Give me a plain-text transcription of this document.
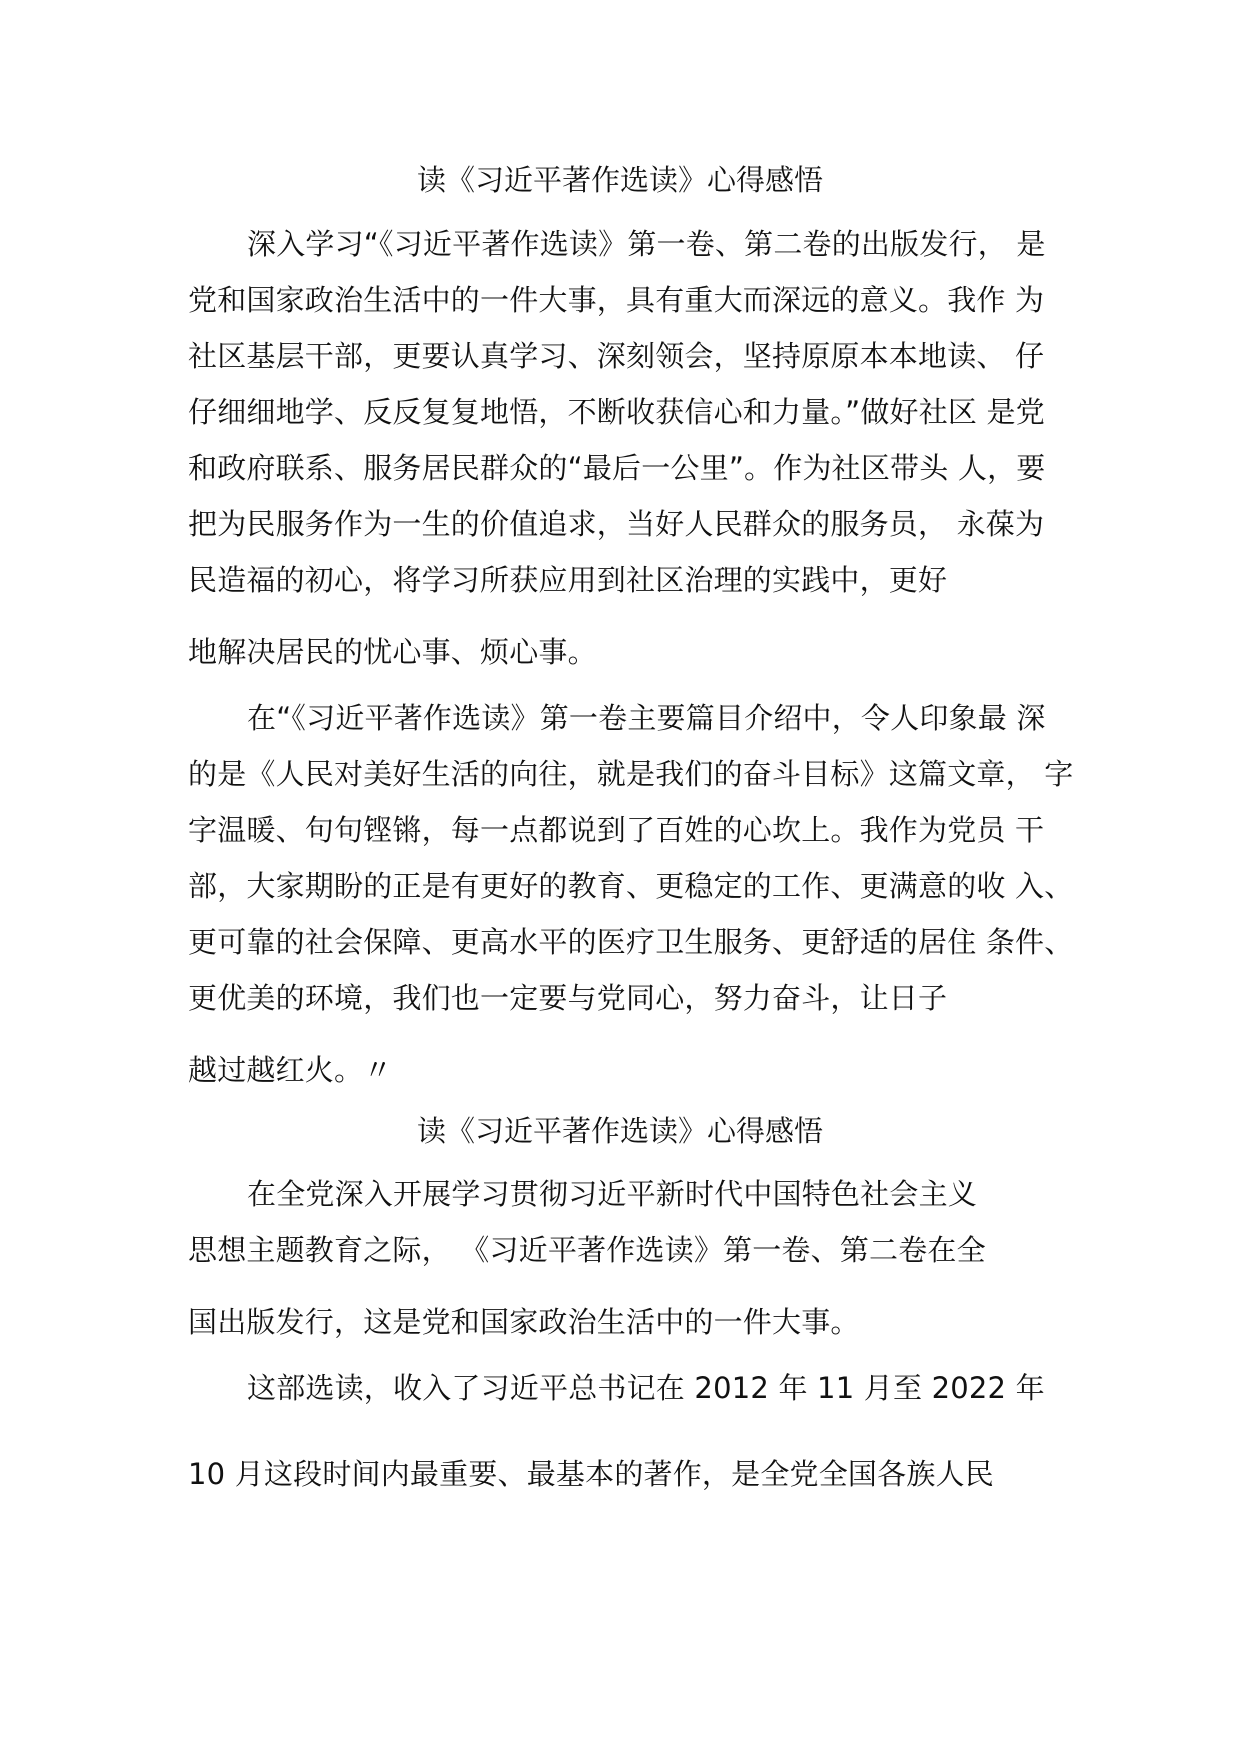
读《习近平著作选读》心得感悟
深入学习“《习近平著作选读》第一卷、第二卷的出版发行， 是
党和国家政治生活中的一件大事，具有重大而深远的意义。我作 为
社区基层干部，更要认真学习、深刻领会，坚持原原本本地读、 仔
仔细细地学、反反复复地悟，不断收获信心和力量。”做好社区 是党
和政府联系、服务居民群众的“最后一公里”。作为社区带头 人，要
把为民服务作为一生的价值追求，当好人民群众的服务员， 永葆为
民造福的初心，将学习所获应用到社区治理的实践中，更好
地解决居民的忧心事、烦心事。
在“《习近平著作选读》第一卷主要篇目介绍中，令人印象最 深
的是《人民对美好生活的向往，就是我们的奋斗目标》这篇文章， 字
字温暖、句句铿锵，每一点都说到了百姓的心坎上。我作为党员 干
部，大家期盼的正是有更好的教育、更稳定的工作、更满意的收 入、
更可靠的社会保障、更高水平的医疗卫生服务、更舒适的居住 条件、
更优美的环境，我们也一定要与党同心，努力奋斗，让日子
越过越红火。〃
读《习近平著作选读》心得感悟
在全党深入开展学习贯彻习近平新时代中国特色社会主义
思想主题教育之际， 《习近平著作选读》第一卷、第二卷在全
国出版发行，这是党和国家政治生活中的一件大事。
这部选读，收入了习近平总书记在 2012 年 11 月至 2022 年
10 月这段时间内最重要、最基本的著作，是全党全国各族人民
